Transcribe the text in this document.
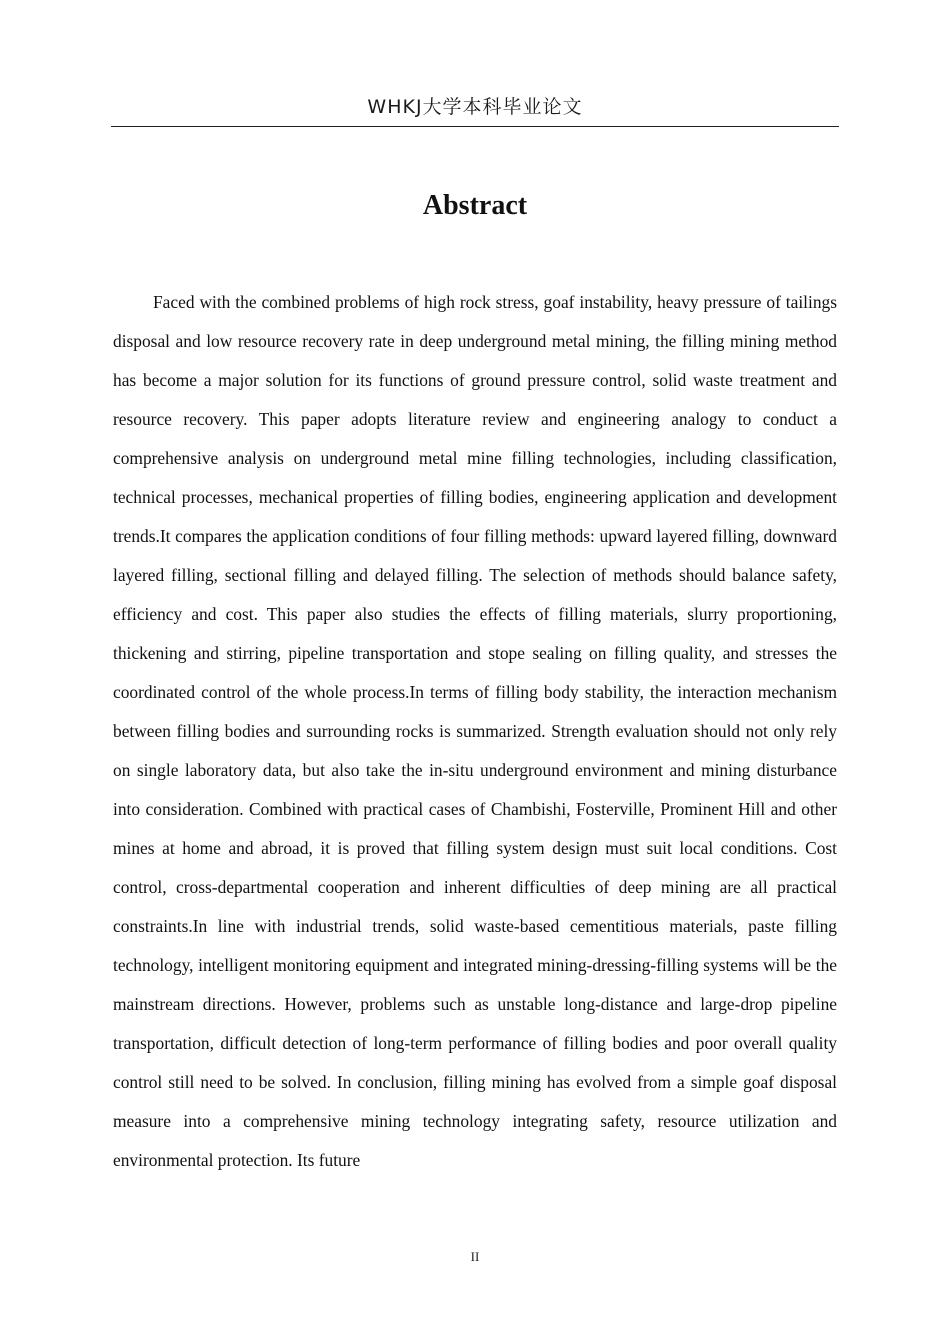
WHKJ大学本科毕业论文
Abstract

Faced with the combined problems of high rock stress, goaf instability, heavy pressure of tailings disposal and low resource recovery rate in deep underground metal mining, the filling mining method has become a major solution for its functions of ground pressure control, solid waste treatment and resource recovery. This paper adopts literature review and engineering analogy to conduct a comprehensive analysis on underground metal mine filling technologies, including classification, technical processes, mechanical properties of filling bodies, engineering application and development trends.It compares the application conditions of four filling methods: upward layered filling, downward layered filling, sectional filling and delayed filling. The selection of methods should balance safety, efficiency and cost. This paper also studies the effects of filling materials, slurry proportioning, thickening and stirring, pipeline transportation and stope sealing on filling quality, and stresses the coordinated control of the whole process.In terms of filling body stability, the interaction mechanism between filling bodies and surrounding rocks is summarized. Strength evaluation should not only rely on single laboratory data, but also take the in-situ underground environment and mining disturbance into consideration. Combined with practical cases of Chambishi, Fosterville, Prominent Hill and other mines at home and abroad, it is proved that filling system design must suit local conditions. Cost control, cross-departmental cooperation and inherent difficulties of deep mining are all practical constraints.In line with industrial trends, solid waste-based cementitious materials, paste filling technology, intelligent monitoring equipment and integrated mining-dressing-filling systems will be the mainstream directions. However, problems such as unstable long-distance and large-drop pipeline transportation, difficult detection of long-term performance of filling bodies and poor overall quality control still need to be solved. In conclusion, filling mining has evolved from a simple goaf disposal measure into a comprehensive mining technology integrating safety, resource utilization and environmental protection. Its future

II
